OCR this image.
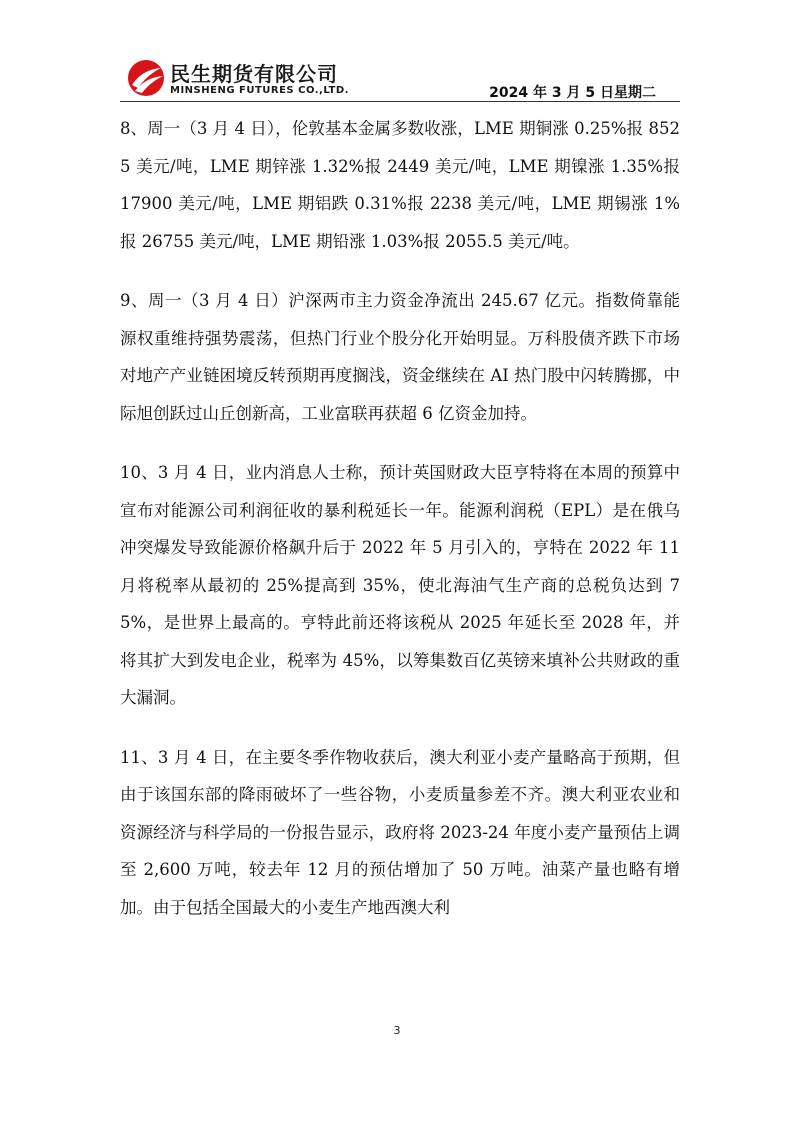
民生期货有限公司
MINSHENG FUTURES CO.,LTD.	2024 年 3 月 5 日星期二

8、周一（3 月 4 日），伦敦基本金属多数收涨，LME 期铜涨 0.25%报 8525 美元/吨，LME 期锌涨 1.32%报 2449 美元/吨，LME 期镍涨 1.35%报 17900 美元/吨，LME 期铝跌 0.31%报 2238 美元/吨，LME 期锡涨 1%报 26755 美元/吨，LME 期铅涨 1.03%报 2055.5 美元/吨。

9、周一（3 月 4 日）沪深两市主力资金净流出 245.67 亿元。指数倚靠能源权重维持强势震荡，但热门行业个股分化开始明显。万科股债齐跌下市场对地产产业链困境反转预期再度搁浅，资金继续在 AI 热门股中闪转腾挪，中际旭创跃过山丘创新高，工业富联再获超 6 亿资金加持。

10、3 月 4 日，业内消息人士称，预计英国财政大臣亨特将在本周的预算中宣布对能源公司利润征收的暴利税延长一年。能源利润税（EPL）是在俄乌冲突爆发导致能源价格飙升后于 2022 年 5 月引入的，亨特在 2022 年 11 月将税率从最初的 25%提高到 35%，使北海油气生产商的总税负达到 75%，是世界上最高的。亨特此前还将该税从 2025 年延长至 2028 年，并将其扩大到发电企业，税率为 45%，以筹集数百亿英镑来填补公共财政的重大漏洞。

11、3 月 4 日，在主要冬季作物收获后，澳大利亚小麦产量略高于预期，但由于该国东部的降雨破坏了一些谷物，小麦质量参差不齐。澳大利亚农业和资源经济与科学局的一份报告显示，政府将 2023-24 年度小麦产量预估上调至 2,600 万吨，较去年 12 月的预估增加了 50 万吨。油菜产量也略有增加。由于包括全国最大的小麦生产地西澳大利

3
